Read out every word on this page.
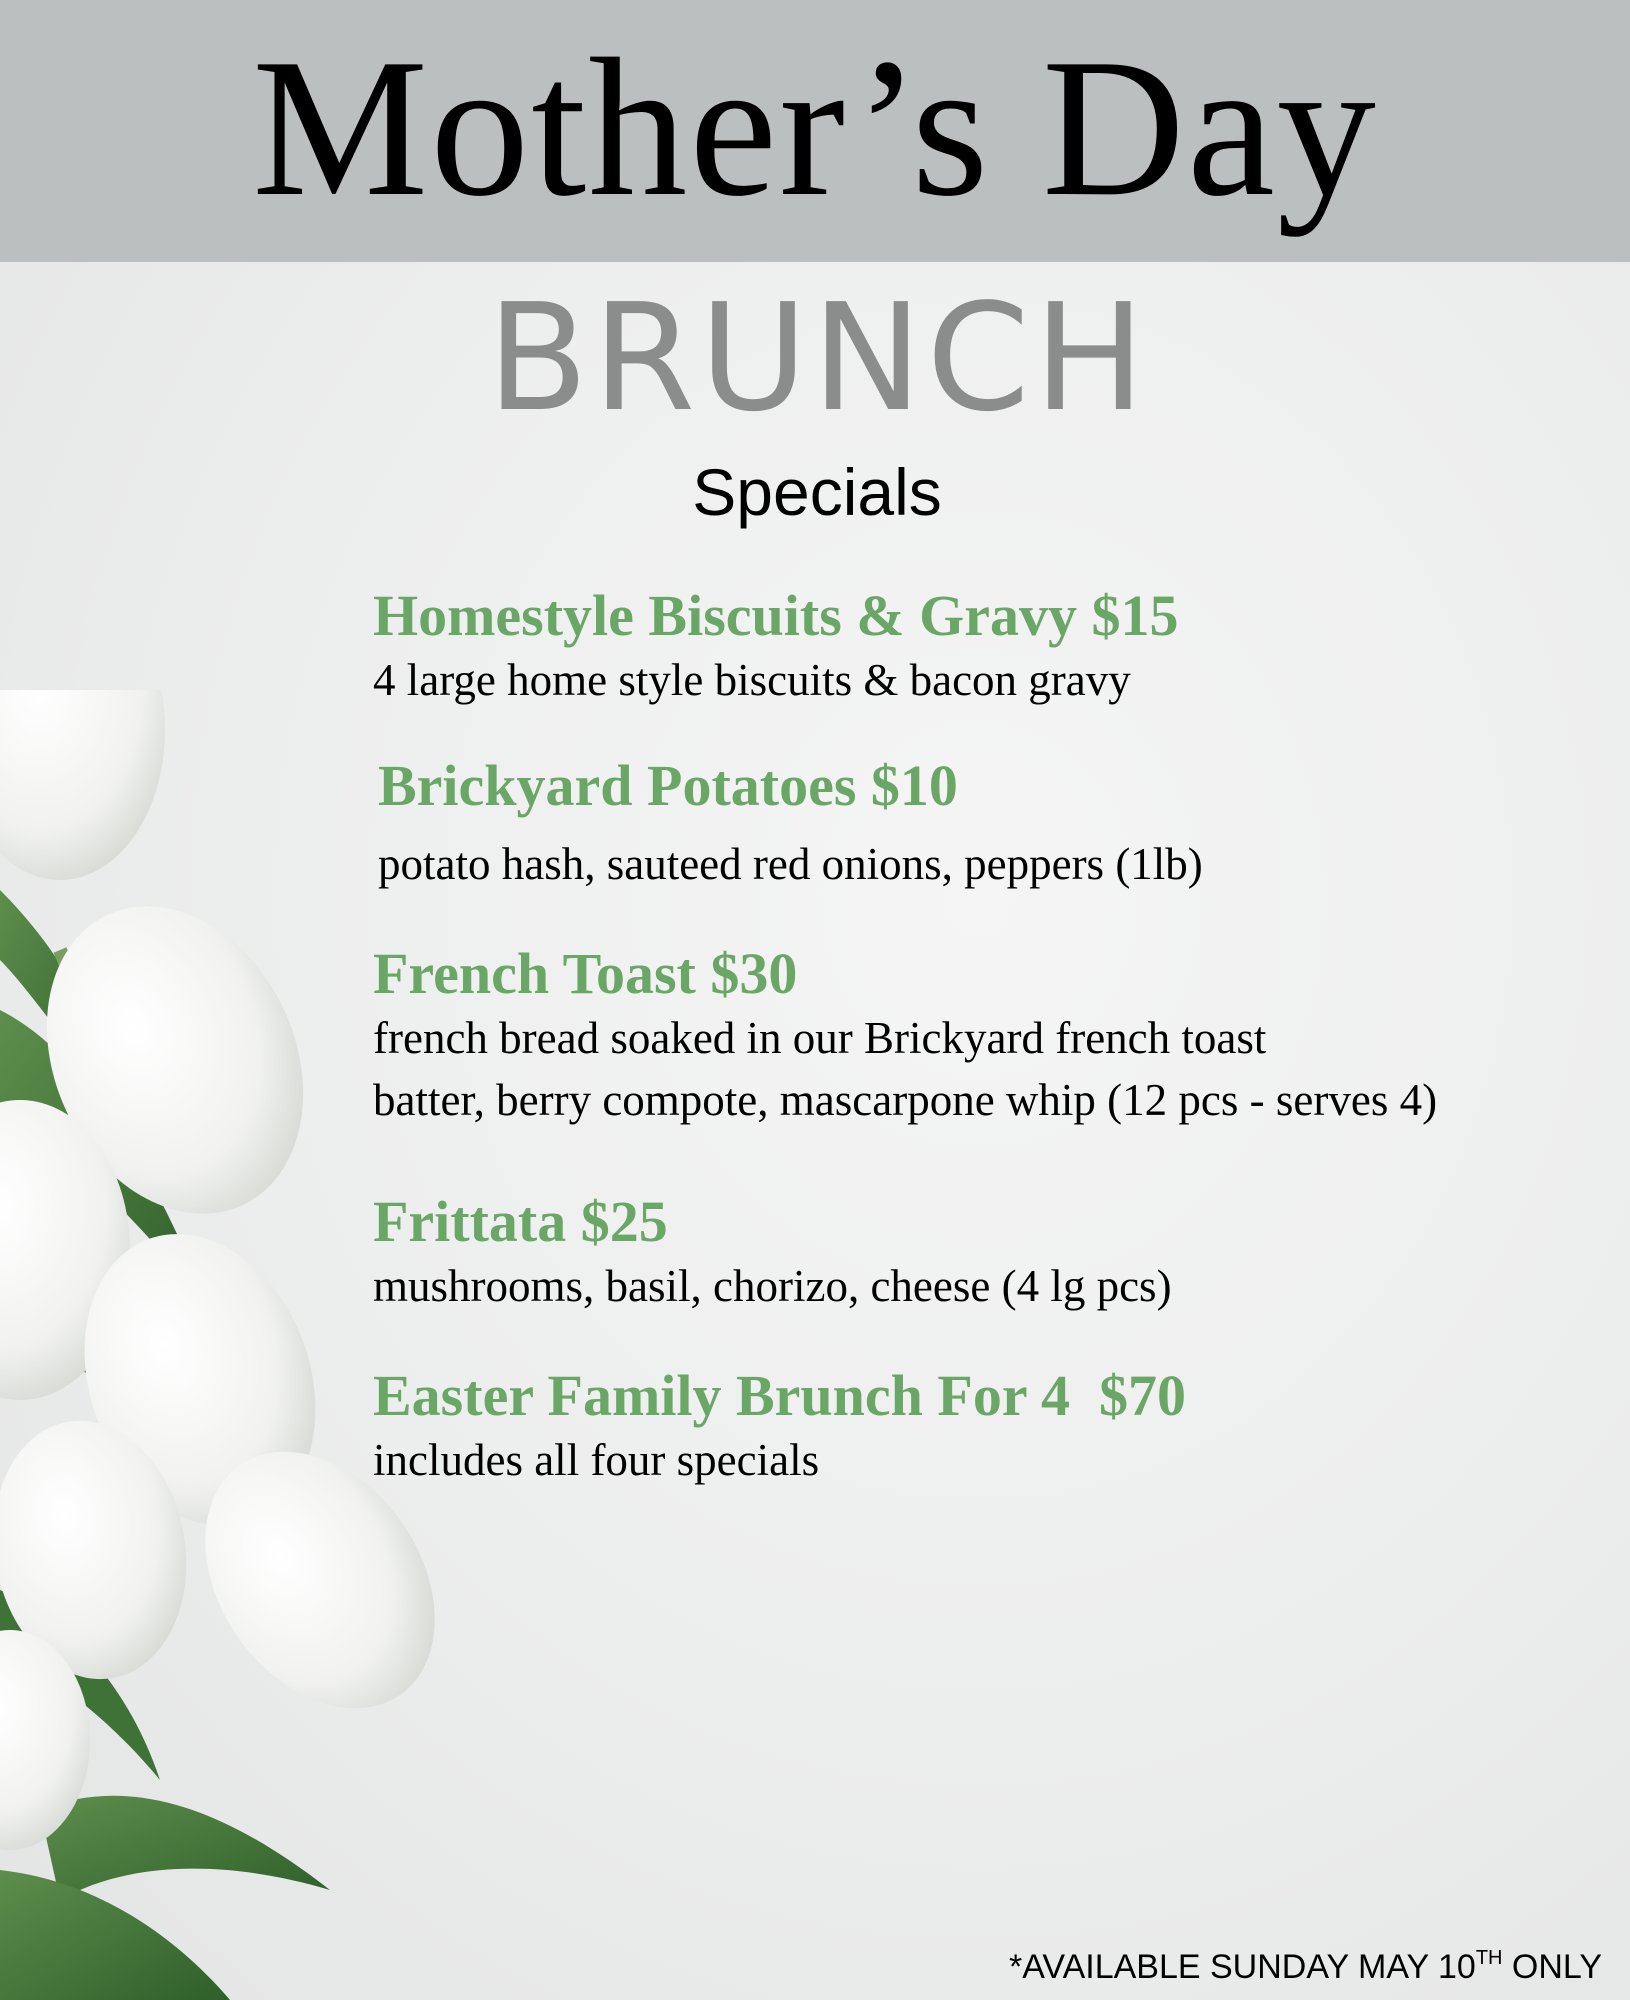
Mother’s Day
BRUNCH
Specials
Homestyle Biscuits & Gravy $15
4 large home style biscuits & bacon gravy
Brickyard Potatoes $10
potato hash, sauteed red onions, peppers (1lb)
French Toast $30
french bread soaked in our Brickyard french toast
batter, berry compote, mascarpone whip (12 pcs - serves 4)
Frittata $25
mushrooms, basil, chorizo, cheese (4 lg pcs)
Easter Family Brunch For 4  $70
includes all four specials
*AVAILABLE SUNDAY MAY 10TH ONLY
